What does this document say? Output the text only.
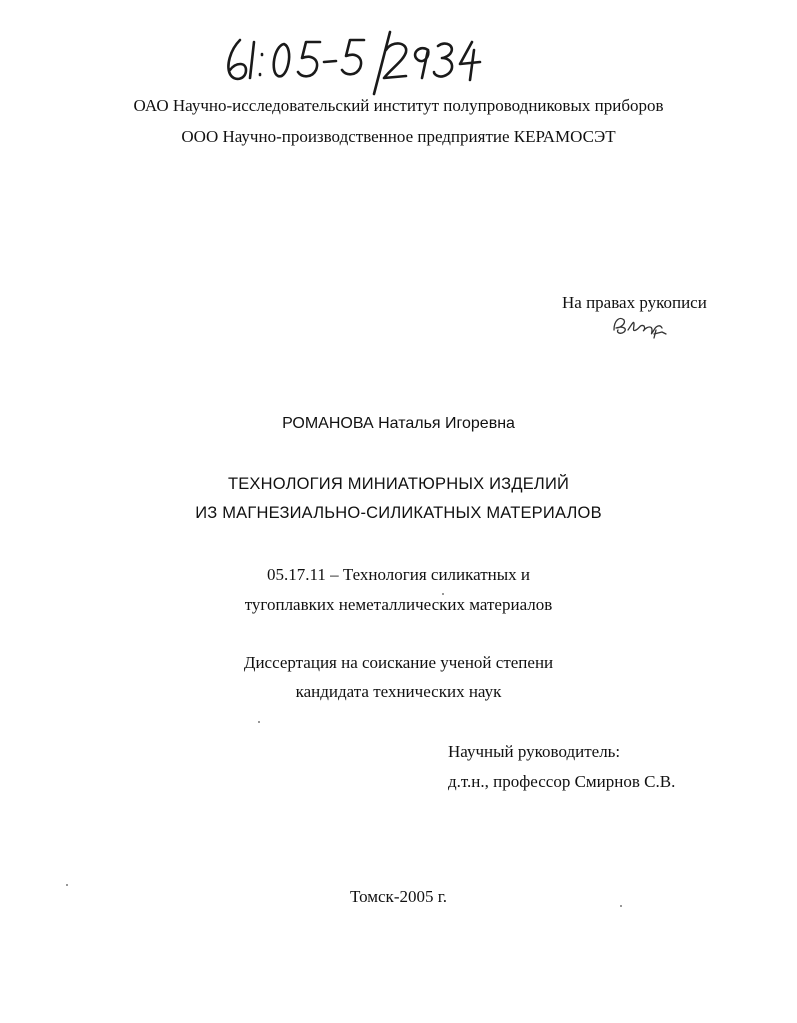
ОАО Научно-исследовательский институт полупроводниковых приборов
ООО Научно-производственное предприятие КЕРАМОСЭТ
На правах рукописи
РОМАНОВА Наталья Игоревна
ТЕХНОЛОГИЯ МИНИАТЮРНЫХ ИЗДЕЛИЙ
ИЗ МАГНЕЗИАЛЬНО-СИЛИКАТНЫХ МАТЕРИАЛОВ
05.17.11 – Технология силикатных и
тугоплавких неметаллических материалов
Диссертация на соискание ученой степени
кандидата технических наук
Научный руководитель:
д.т.н., профессор Смирнов С.В.
Томск-2005 г.
